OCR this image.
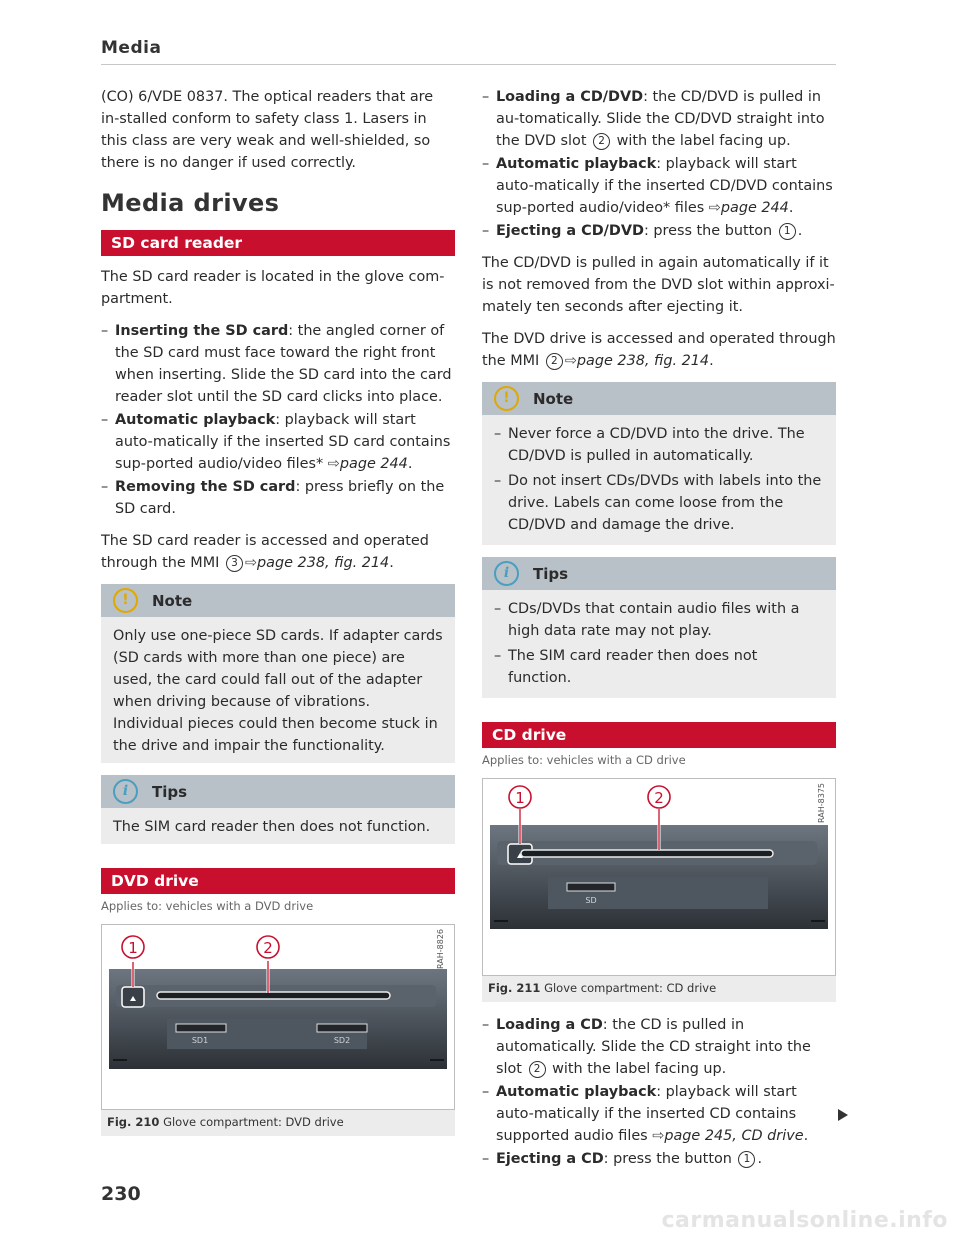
Media

(CO) 6/VDE 0837. The optical readers that are in-stalled conform to safety class 1. Lasers in this class are very weak and well-shielded, so there is no danger if used correctly.

Media drives
SD card reader

The SD card reader is located in the glove com-partment.

– Inserting the SD card: the angled corner of the SD card must face toward the right front when inserting. Slide the SD card into the card reader slot until the SD card clicks into place.
– Automatic playback: playback will start auto-matically if the inserted SD card contains sup-ported audio/video files* ⇨page 244.
– Removing the SD card: press briefly on the SD card.

The SD card reader is accessed and operated through the MMI 3 ⇨page 238, fig. 214.

!	Note

Only use one-piece SD cards. If adapter cards (SD cards with more than one piece) are used, the card could fall out of the adapter when driving because of vibrations. Individual pieces could then become stuck in the drive and impair the functionality.

i	Tips

The SIM card reader then does not function.

DVD drive
Applies to: vehicles with a DVD drive
SD1	SD2
1	2	RAH-8826
Fig. 210 Glove compartment: DVD drive
– Loading a CD/DVD: the CD/DVD is pulled in au-tomatically. Slide the CD/DVD straight into the DVD slot 2 with the label facing up.
– Automatic playback: playback will start auto-matically if the inserted CD/DVD contains sup-ported audio/video* files ⇨page 244.
– Ejecting a CD/DVD: press the button 1 .

The CD/DVD is pulled in again automatically if it is not removed from the DVD slot within approxi-mately ten seconds after ejecting it.

The DVD drive is accessed and operated through the MMI 2 ⇨page 238, fig. 214.

!	Note
– Never force a CD/DVD into the drive. The CD/DVD is pulled in automatically.
– Do not insert CDs/DVDs with labels into the drive. Labels can come loose from the CD/DVD and damage the drive.
i	Tips
– CDs/DVDs that contain audio files with a high data rate may not play.
– The SIM card reader then does not function.
CD drive
Applies to: vehicles with a CD drive
SD
1	2	RAH-8375
Fig. 211 Glove compartment: CD drive
– Loading a CD: the CD is pulled in automatically. Slide the CD straight into the slot 2 with the label facing up.
– Automatic playback: playback will start auto-matically if the inserted CD contains supported audio files ⇨page 245, CD drive.
– Ejecting a CD: press the button 1 .
230
carmanualsonline.info
